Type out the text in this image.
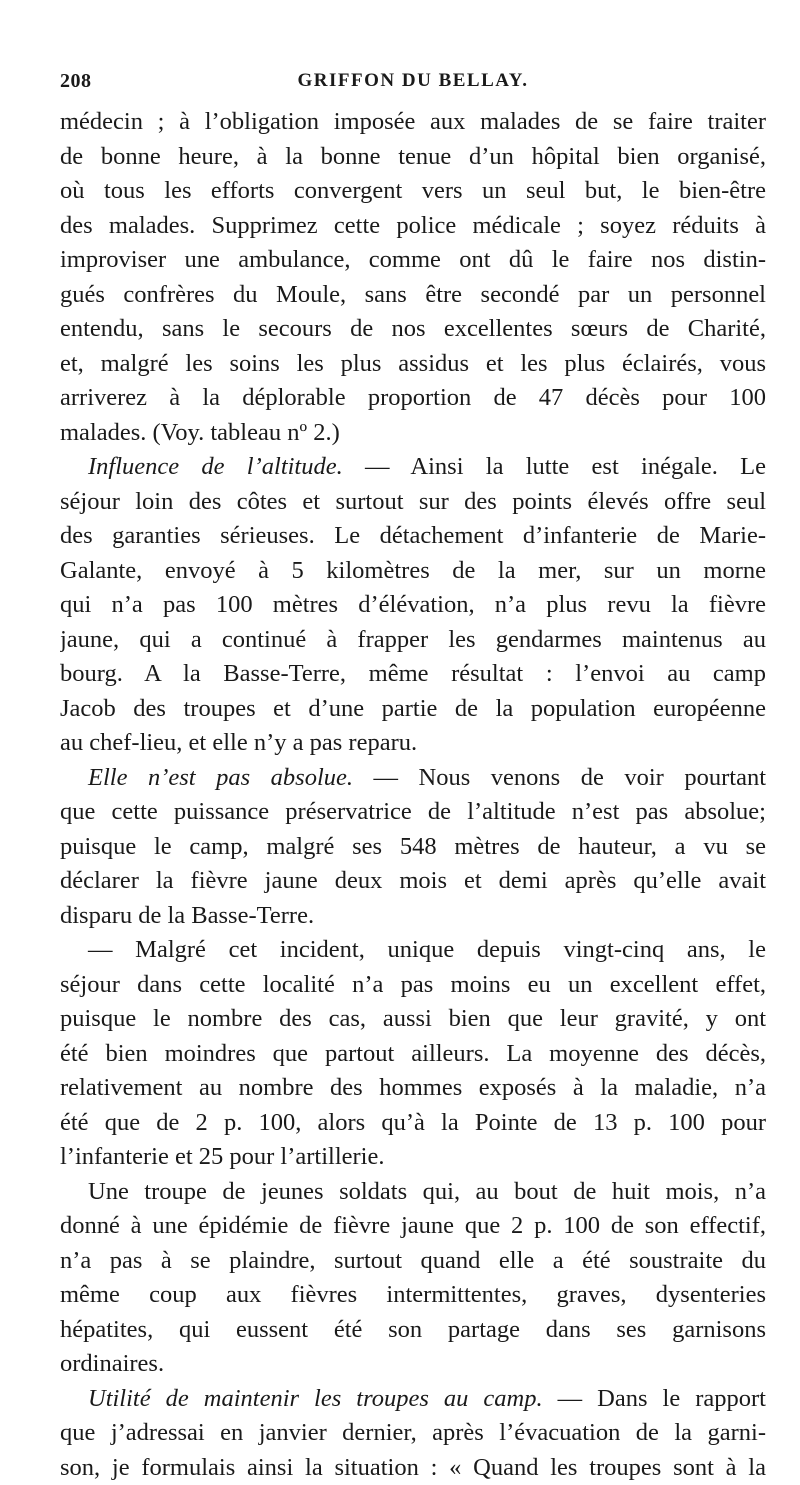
208	GRIFFON DU BELLAY.
médecin ; à l’obligation imposée aux malades de se faire traiter
de bonne heure, à la bonne tenue d’un hôpital bien organisé,
où tous les efforts convergent vers un seul but, le bien-être
des malades. Supprimez cette police médicale ; soyez réduits à
improviser une ambulance, comme ont dû le faire nos distin-
gués confrères du Moule, sans être secondé par un personnel
entendu, sans le secours de nos excellentes sœurs de Charité,
et, malgré les soins les plus assidus et les plus éclairés, vous
arriverez à la déplorable proportion de 47 décès pour 100
malades. (Voy. tableau nº 2.)
Influence de l’altitude. — Ainsi la lutte est inégale. Le
séjour loin des côtes et surtout sur des points élevés offre seul
des garanties sérieuses. Le détachement d’infanterie de Marie-
Galante, envoyé à 5 kilomètres de la mer, sur un morne
qui n’a pas 100 mètres d’élévation, n’a plus revu la fièvre
jaune, qui a continué à frapper les gendarmes maintenus au
bourg. A la Basse-Terre, même résultat : l’envoi au camp
Jacob des troupes et d’une partie de la population européenne
au chef-lieu, et elle n’y a pas reparu.
Elle n’est pas absolue. — Nous venons de voir pourtant
que cette puissance préservatrice de l’altitude n’est pas absolue;
puisque le camp, malgré ses 548 mètres de hauteur, a vu se
déclarer la fièvre jaune deux mois et demi après qu’elle avait
disparu de la Basse-Terre.
— Malgré cet incident, unique depuis vingt-cinq ans, le
séjour dans cette localité n’a pas moins eu un excellent effet,
puisque le nombre des cas, aussi bien que leur gravité, y ont
été bien moindres que partout ailleurs. La moyenne des décès,
relativement au nombre des hommes exposés à la maladie, n’a
été que de 2 p. 100, alors qu’à la Pointe de 13 p. 100 pour
l’infanterie et 25 pour l’artillerie.
Une troupe de jeunes soldats qui, au bout de huit mois, n’a
donné à une épidémie de fièvre jaune que 2 p. 100 de son effectif,
n’a pas à se plaindre, surtout quand elle a été soustraite du
même coup aux fièvres intermittentes, graves, dysenteries
hépatites, qui eussent été son partage dans ses garnisons
ordinaires.
Utilité de maintenir les troupes au camp. — Dans le rapport
que j’adressai en janvier dernier, après l’évacuation de la garni-
son, je formulais ainsi la situation : « Quand les troupes sont à la
